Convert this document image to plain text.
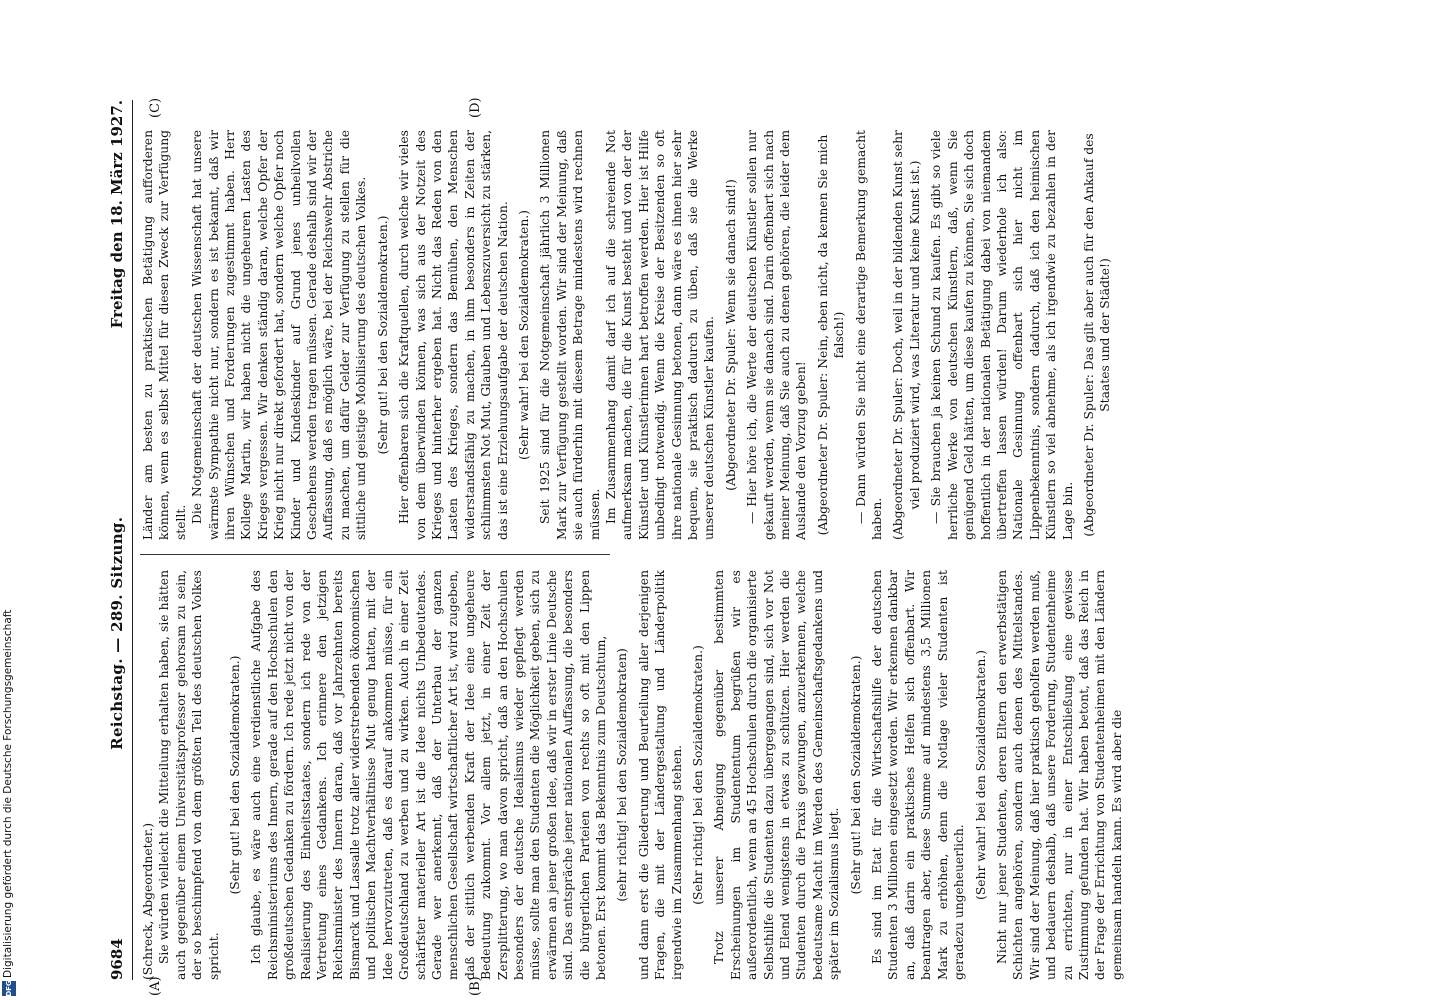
9684
Reichstag. — 289. Sitzung.
Freitag den 18. März 1927.

(Schreck, Abgeordneter.) Sie würden vielleicht die Mitteilung erhalten haben, sie hätten auch gegenüber einem Universitätsprofessor gehorsam zu sein, der so beschimpfend von dem größten Teil des deutschen Volkes spricht.

(Sehr gut! bei den Sozialdemokraten.) Ich glaube, es wäre auch eine verdienstliche Aufgabe des Reichsministeriums des Innern, gerade auf den Hochschulen den großdeutschen Gedanken zu fördern. Ich rede jetzt nicht von der Realisierung des Einheitsstaates, sondern ich rede von der Vertretung eines Gedankens. Ich erinnere den jetzigen Reichsminister des Innern daran, daß vor Jahrzehnten bereits Bismarck und Lassalle trotz aller widerstrebenden ökonomischen und politischen Machtverhältnisse Mut genug hatten, mit der Idee hervorzutreten, daß es darauf ankommen müsse, für ein Großdeutschland zu werben und zu wirken. Auch in einer Zeit schärfster materieller Art ist die Idee nichts Unbedeutendes. Gerade wer anerkennt, daß der Unterbau der ganzen menschlichen Gesellschaft wirtschaftlicher Art ist, wird zugeben, daß der sittlich werbenden Kraft der Idee eine ungeheure Bedeutung zukommt. Vor allem jetzt, in einer Zeit der Zersplitterung, wo man davon spricht, daß an den Hochschulen besonders der deutsche Idealismus wieder gepflegt werden müsse, sollte man den Studenten die Möglichkeit geben, sich zu erwärmen an jener großen Idee, daß wir in erster Linie Deutsche sind. Das entspräche jener nationalen Auffassung, die besonders die bürgerlichen Parteien von rechts so oft mit den Lippen betonen. Erst kommt das Bekenntnis zum Deutschtum, (sehr richtig! bei den Sozialdemokraten) und dann erst die Gliederung und Beurteilung aller derjenigen Fragen, die mit der Ländergestaltung und Länderpolitik irgendwie im Zusammenhang stehen. (Sehr richtig! bei den Sozialdemokraten.) Trotz unserer Abneigung gegenüber bestimmten Erscheinungen im Studententum begrüßen wir es außerordentlich, wenn an 45 Hochschulen durch die organisierte Selbsthilfe die Studenten dazu übergegangen sind, sich vor Not und Elend wenigstens in etwas zu schützen. Hier werden die Studenten durch die Praxis gezwungen, anzuerkennen, welche bedeutsame Macht im Werden des Gemeinschaftsgedankens und später im Sozialismus liegt. (Sehr gut! bei den Sozialdemokraten.) Es sind im Etat für die Wirtschaftshilfe der deutschen Studenten 3 Millionen eingesetzt worden. Wir erkennen dankbar an, daß darin ein praktisches Helfen sich offenbart. Wir beantragen aber, diese Summe auf mindestens 3,5 Millionen Mark zu erhöhen, denn die Notlage vieler Studenten ist geradezu ungeheuerlich.

(Sehr wahr! bei den Sozialdemokraten.) Nicht nur jener Studenten, deren Eltern den erwerbstätigen Schichten angehören, sondern auch denen des Mittelstandes. Wir sind der Meinung, daß hier praktisch geholfen werden muß, und bedauern deshalb, daß unsere Forderung, Studentenheime zu errichten, nur in einer Entschließung eine gewisse Zustimmung gefunden hat. Wir haben betont, daß das Reich in der Frage der Errichtung von Studentenheimen mit den Ländern gemeinsam handeln kann. Es wird aber die

Länder am besten zu praktischen Betätigung aufforderen können, wenn es selbst Mittel für diesen Zweck zur Verfügung stellt. Die Notgemeinschaft der deutschen Wissenschaft hat unsere wärmste Sympathie nicht nur, sondern es ist bekannt, daß wir ihren Wünschen und Forderungen zugestimmt haben. Herr Kollege Martin, wir haben nicht die ungeheuren Lasten des Krieges vergessen. Wir denken ständig daran, welche Opfer der Krieg nicht nur direkt gefordert hat, sondern welche Opfer noch Kinder und Kindeskinder auf Grund jenes unheilvollen Geschehens werden tragen müssen. Gerade deshalb sind wir der Auffassung, daß es möglich wäre, bei der Reichswehr Abstriche zu machen, um dafür Gelder zur Verfügung zu stellen für die sittliche und geistige Mobilisierung des deutschen Volkes. (Sehr gut! bei den Sozialdemokraten.) Hier offenbaren sich die Kraftquellen, durch welche wir vieles von dem überwinden können, was sich aus der Notzeit des Krieges und hinterher ergeben hat. Nicht das Reden von den Lasten des Krieges, sondern das Bemühen, den Menschen widerstandsfähig zu machen, in ihm besonders in Zeiten der schlimmsten Not Mut, Glauben und Lebenszuversicht zu stärken, das ist eine Erziehungsaufgabe der deutschen Nation. (Sehr wahr! bei den Sozialdemokraten.) Seit 1925 sind für die Notgemeinschaft jährlich 3 Millionen Mark zur Verfügung gestellt worden. Wir sind der Meinung, daß sie auch fürderhin mit diesem Betrage mindestens wird rechnen müssen. Im Zusammenhang damit darf ich auf die schreiende Not aufmerksam machen, die für die Kunst besteht und von der der Künstler und Künstlerinnen hart betroffen werden. Hier ist Hilfe unbedingt notwendig. Wenn die Kreise der Besitzenden so oft ihre nationale Gesinnung betonen, dann wäre es ihnen hier sehr bequem, sie praktisch dadurch zu üben, daß sie die Werke unserer deutschen Künstler kaufen. (Abgeordneter Dr. Spuler: Wenn sie danach sind!) — Hier höre ich, die Werte der deutschen Künstler sollen nur gekauft werden, wenn sie danach sind. Darin offenbart sich nach meiner Meinung, daß Sie auch zu denen gehören, die leider dem Auslande den Vorzug geben! (Abgeordneter Dr. Spuler: Nein, eben nicht, da kennen Sie mich falsch!) — Dann würden Sie nicht eine derartige Bemerkung gemacht haben. (Abgeordneter Dr. Spuler: Doch, weil in der bildenden Kunst sehr viel produziert wird, was Literatur und keine Kunst ist.) — Sie brauchen ja keinen Schund zu kaufen. Es gibt so viele herrliche Werke von deutschen Künstlern, daß, wenn Sie genügend Geld hätten, um diese kaufen zu können, Sie sich doch hoffentlich in der nationalen Betätigung dabei von niemandem übertreffen lassen würden! Darum wiederhole ich also: Nationale Gesinnung offenbart sich hier nicht im Lippenbekenntnis, sondern dadurch, daß ich den heimischen Künstlern so viel abnehme, als ich irgendwie zu bezahlen in der Lage bin. (Abgeordneter Dr. Spuler: Das gilt aber auch für den Ankauf des Staates und der Städte!)

(A)	(B)
(C)	(D)
DFG
Digitalisierung gefördert durch die Deutsche Forschungsgemeinschaft
